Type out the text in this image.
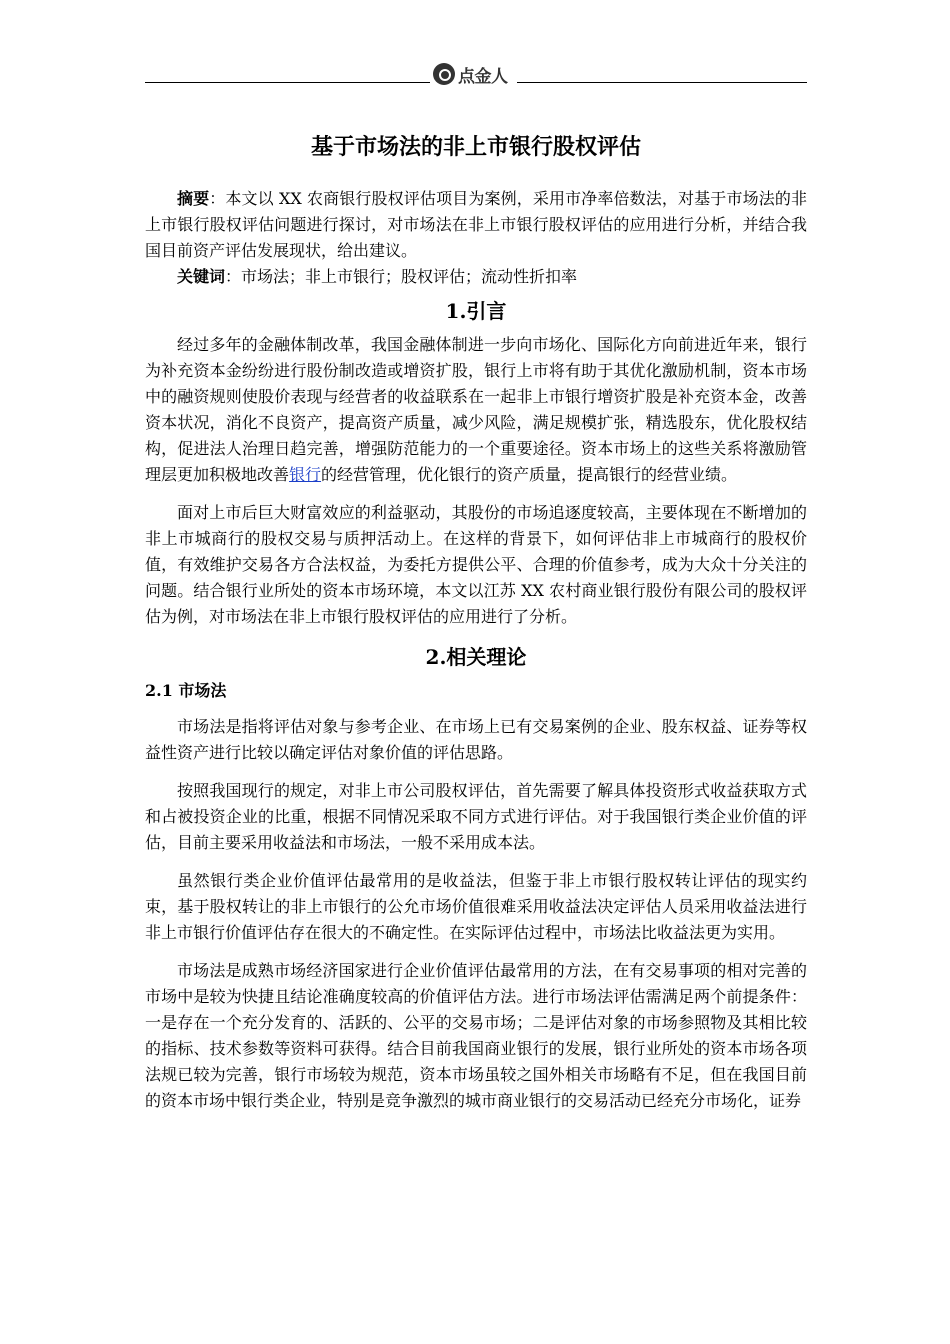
点金人
基于市场法的非上市银行股权评估

摘要：本文以 XX 农商银行股权评估项目为案例，采用市净率倍数法，对基于市场法的非上市银行股权评估问题进行探讨，对市场法在非上市银行股权评估的应用进行分析，并结合我国目前资产评估发展现状，给出建议。

关键词：市场法；非上市银行；股权评估；流动性折扣率

1.引言

经过多年的金融体制改革，我国金融体制进一步向市场化、国际化方向前进近年来，银行为补充资本金纷纷进行股份制改造或增资扩股，银行上市将有助于其优化激励机制，资本市场中的融资规则使股价表现与经营者的收益联系在一起非上市银行增资扩股是补充资本金，改善资本状况，消化不良资产，提高资产质量，减少风险，满足规模扩张，精选股东，优化股权结构，促进法人治理日趋完善，增强防范能力的一个重要途径。资本市场上的这些关系将激励管理层更加积极地改善银行的经营管理，优化银行的资产质量，提高银行的经营业绩。

面对上市后巨大财富效应的利益驱动，其股份的市场追逐度较高，主要体现在不断增加的非上市城商行的股权交易与质押活动上。在这样的背景下，如何评估非上市城商行的股权价值，有效维护交易各方合法权益，为委托方提供公平、合理的价值参考，成为大众十分关注的问题。结合银行业所处的资本市场环境，本文以江苏 XX 农村商业银行股份有限公司的股权评估为例，对市场法在非上市银行股权评估的应用进行了分析。

2.相关理论
2.1 市场法

市场法是指将评估对象与参考企业、在市场上已有交易案例的企业、股东权益、证券等权益性资产进行比较以确定评估对象价值的评估思路。

按照我国现行的规定，对非上市公司股权评估，首先需要了解具体投资形式收益获取方式和占被投资企业的比重，根据不同情况采取不同方式进行评估。对于我国银行类企业价值的评估，目前主要采用收益法和市场法，一般不采用成本法。

虽然银行类企业价值评估最常用的是收益法，但鉴于非上市银行股权转让评估的现实约束，基于股权转让的非上市银行的公允市场价值很难采用收益法决定评估人员采用收益法进行非上市银行价值评估存在很大的不确定性。在实际评估过程中，市场法比收益法更为实用。

市场法是成熟市场经济国家进行企业价值评估最常用的方法，在有交易事项的相对完善的市场中是较为快捷且结论准确度较高的价值评估方法。进行市场法评估需满足两个前提条件：一是存在一个充分发育的、活跃的、公平的交易市场；二是评估对象的市场参照物及其相比较的指标、技术参数等资料可获得。结合目前我国商业银行的发展，银行业所处的资本市场各项法规已较为完善，银行市场较为规范，资本市场虽较之国外相关市场略有不足，但在我国目前的资本市场中银行类企业，特别是竞争激烈的城市商业银行的交易活动已经充分市场化，证券
